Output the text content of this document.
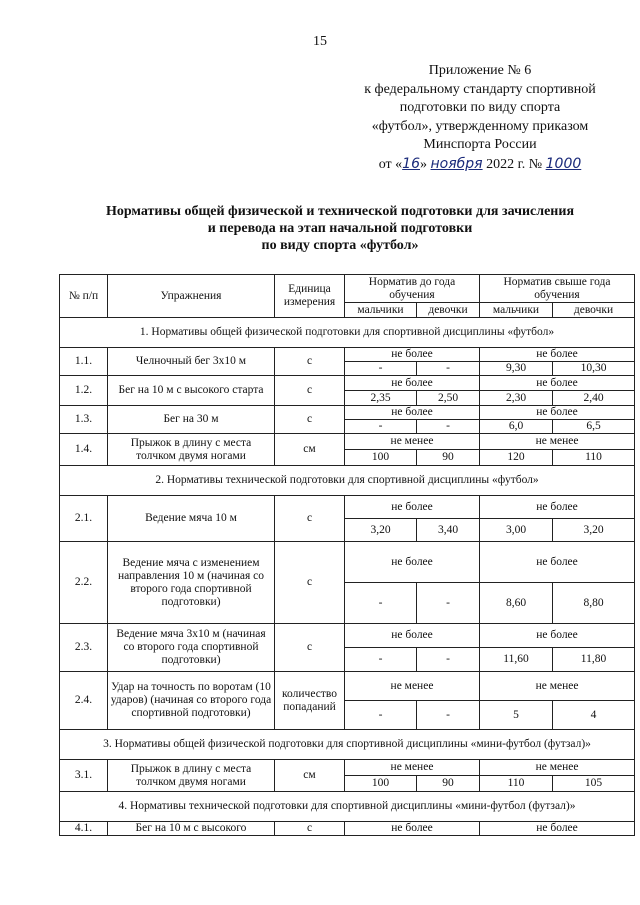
15
Приложение № 6
к федеральному стандарту спортивной
подготовки по виду спорта
«футбол», утвержденному приказом
Минспорта России
от «16» ноября 2022 г. № 1000
Нормативы общей физической и технической подготовки для зачисления
и перевода на этап начальной подготовки
по виду спорта «футбол»
№ п/п	Упражнения	Единица измерения	Норматив до года обучения		Норматив свыше года обучения	
			мальчики	девочки	мальчики	девочки
1. Нормативы общей физической подготовки для спортивной дисциплины «футбол»						
1.1.	Челночный бег 3х10 м	с	не более		не более	
			-	-	9,30	10,30
1.2.	Бег на 10 м с высокого старта	с	не более		не более	
			2,35	2,50	2,30	2,40
1.3.	Бег на 30 м	с	не более		не более	
			-	-	6,0	6,5
1.4.	Прыжок в длину с места толчком двумя ногами	см	не менее		не менее	
			100	90	120	110
2. Нормативы технической подготовки для спортивной дисциплины «футбол»						
2.1.	Ведение мяча 10 м	с	не более		не более	
			3,20	3,40	3,00	3,20
2.2.	Ведение мяча с изменением направления 10 м (начиная со второго года спортивной подготовки)	с	не более		не более	
			-	-	8,60	8,80
2.3.	Ведение мяча 3х10 м (начиная со второго года спортивной подготовки)	с	не более		не более	
			-	-	11,60	11,80
2.4.	Удар на точность по воротам (10 ударов) (начиная со второго года спортивной подготовки)	количество попаданий	не менее		не менее	
			-	-	5	4
3. Нормативы общей физической подготовки для спортивной дисциплины «мини-футбол (футзал)»						
3.1.	Прыжок в длину с места толчком двумя ногами	см	не менее		не менее	
			100	90	110	105
4. Нормативы технической подготовки для спортивной дисциплины «мини-футбол (футзал)»						
4.1.	Бег на 10 м с высокого	с	не более		не более	
